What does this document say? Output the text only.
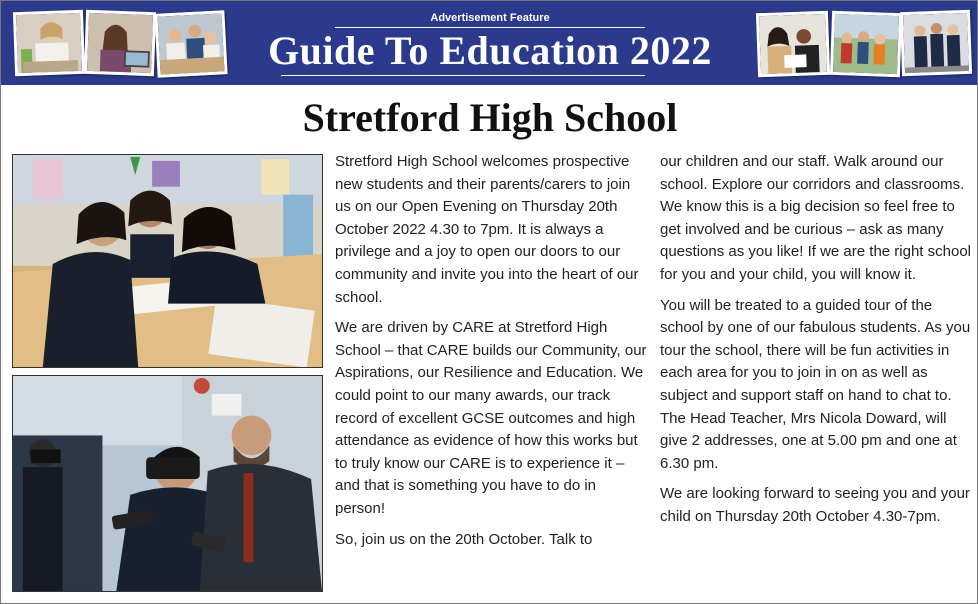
Advertisement Feature
Guide To Education 2022
Stretford High School

Stretford High School welcomes prospective new students and their parents/carers to join us on our Open Evening on Thursday 20th October 2022 4.30 to 7pm. It is always a privilege and a joy to open our doors to our community and invite you into the heart of our school.

We are driven by CARE at Stretford High School – that CARE builds our Community, our Aspirations, our Resilience and Education. We could point to our many awards, our track record of excellent GCSE outcomes and high attendance as evidence of how this works but to truly know our CARE is to experience it – and that is something you have to do in person!

So, join us on the 20th October. Talk to

our children and our staff. Walk around our school. Explore our corridors and classrooms. We know this is a big decision so feel free to get involved and be curious – ask as many questions as you like! If we are the right school for you and your child, you will know it.

You will be treated to a guided tour of the school by one of our fabulous students. As you tour the school, there will be fun activities in each area for you to join in on as well as subject and support staff on hand to chat to. The Head Teacher, Mrs Nicola Doward, will give 2 addresses, one at 5.00 pm and one at 6.30 pm.

We are looking forward to seeing you and your child on Thursday 20th October 4.30-7pm.
